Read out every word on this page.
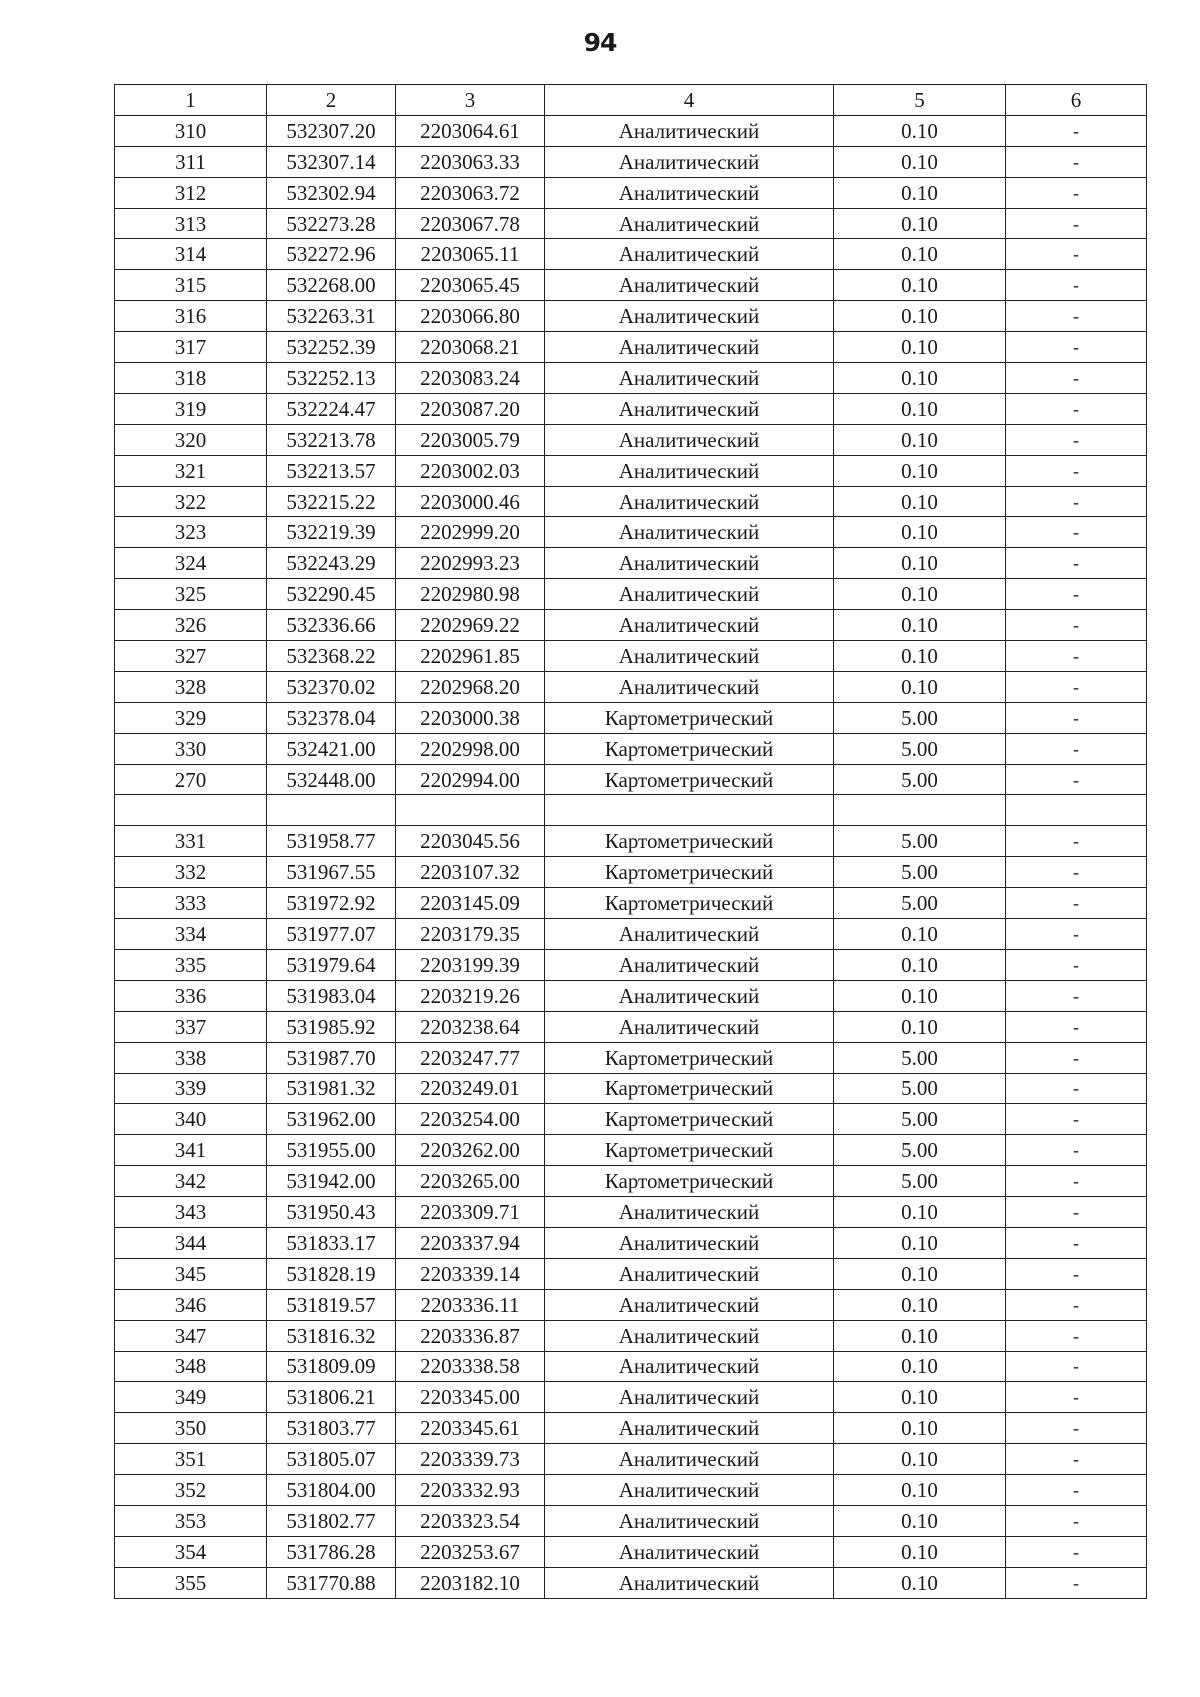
94
1	2	3	4	5	6
310	532307.20	2203064.61	Аналитический	0.10	-
311	532307.14	2203063.33	Аналитический	0.10	-
312	532302.94	2203063.72	Аналитический	0.10	-
313	532273.28	2203067.78	Аналитический	0.10	-
314	532272.96	2203065.11	Аналитический	0.10	-
315	532268.00	2203065.45	Аналитический	0.10	-
316	532263.31	2203066.80	Аналитический	0.10	-
317	532252.39	2203068.21	Аналитический	0.10	-
318	532252.13	2203083.24	Аналитический	0.10	-
319	532224.47	2203087.20	Аналитический	0.10	-
320	532213.78	2203005.79	Аналитический	0.10	-
321	532213.57	2203002.03	Аналитический	0.10	-
322	532215.22	2203000.46	Аналитический	0.10	-
323	532219.39	2202999.20	Аналитический	0.10	-
324	532243.29	2202993.23	Аналитический	0.10	-
325	532290.45	2202980.98	Аналитический	0.10	-
326	532336.66	2202969.22	Аналитический	0.10	-
327	532368.22	2202961.85	Аналитический	0.10	-
328	532370.02	2202968.20	Аналитический	0.10	-
329	532378.04	2203000.38	Картометрический	5.00	-
330	532421.00	2202998.00	Картометрический	5.00	-
270	532448.00	2202994.00	Картометрический	5.00	-

331	531958.77	2203045.56	Картометрический	5.00	-
332	531967.55	2203107.32	Картометрический	5.00	-
333	531972.92	2203145.09	Картометрический	5.00	-
334	531977.07	2203179.35	Аналитический	0.10	-
335	531979.64	2203199.39	Аналитический	0.10	-
336	531983.04	2203219.26	Аналитический	0.10	-
337	531985.92	2203238.64	Аналитический	0.10	-
338	531987.70	2203247.77	Картометрический	5.00	-
339	531981.32	2203249.01	Картометрический	5.00	-
340	531962.00	2203254.00	Картометрический	5.00	-
341	531955.00	2203262.00	Картометрический	5.00	-
342	531942.00	2203265.00	Картометрический	5.00	-
343	531950.43	2203309.71	Аналитический	0.10	-
344	531833.17	2203337.94	Аналитический	0.10	-
345	531828.19	2203339.14	Аналитический	0.10	-
346	531819.57	2203336.11	Аналитический	0.10	-
347	531816.32	2203336.87	Аналитический	0.10	-
348	531809.09	2203338.58	Аналитический	0.10	-
349	531806.21	2203345.00	Аналитический	0.10	-
350	531803.77	2203345.61	Аналитический	0.10	-
351	531805.07	2203339.73	Аналитический	0.10	-
352	531804.00	2203332.93	Аналитический	0.10	-
353	531802.77	2203323.54	Аналитический	0.10	-
354	531786.28	2203253.67	Аналитический	0.10	-
355	531770.88	2203182.10	Аналитический	0.10	-
